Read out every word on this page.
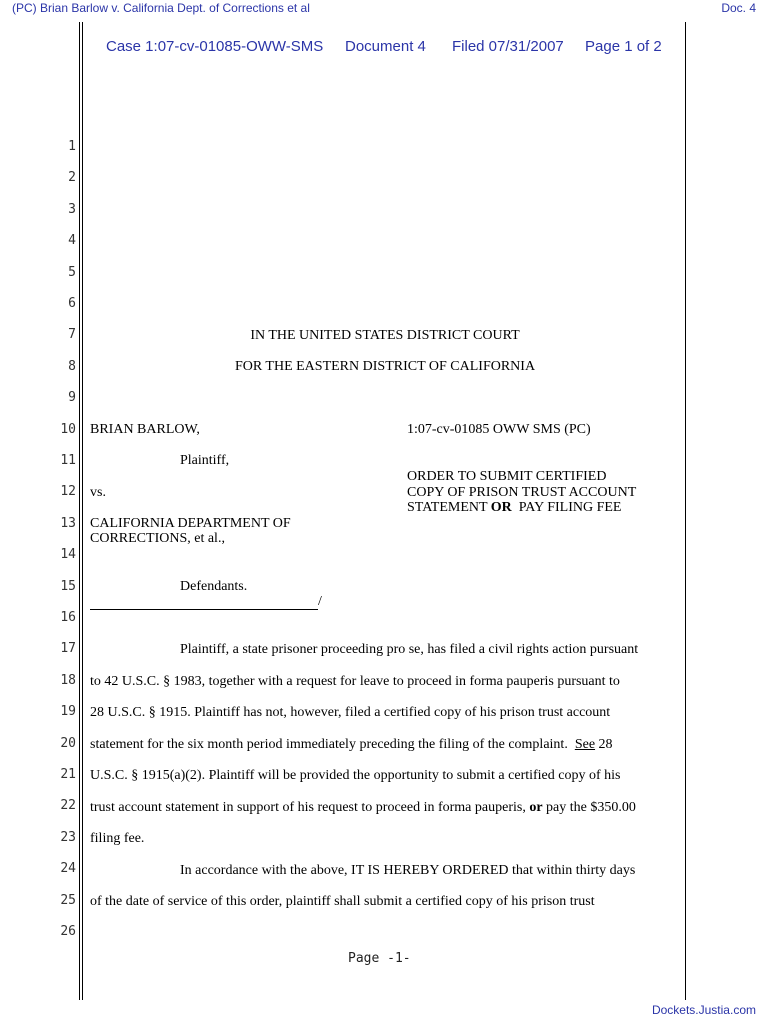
(PC) Brian Barlow v. California Dept. of Corrections et al	Doc. 4
Case 1:07-cv-01085-OWW-SMS Document 4 Filed 07/31/2007 Page 1 of 2
1
2
3
4
5
6
7
8
9
10
11
12
13
14
15
16
17
18
19
20
21
22
23
24
25
26
IN THE UNITED STATES DISTRICT COURT
FOR THE EASTERN DISTRICT OF CALIFORNIA
BRIAN BARLOW,
Plaintiff,
vs.
CALIFORNIA DEPARTMENT OF
CORRECTIONS, et al.,
Defendants.
/
1:07-cv-01085 OWW SMS (PC)
ORDER TO SUBMIT CERTIFIED
COPY OF PRISON TRUST ACCOUNT
STATEMENT OR  PAY FILING FEE
Plaintiff, a state prisoner proceeding pro se, has filed a civil rights action pursuant
to 42 U.S.C. § 1983, together with a request for leave to proceed in forma pauperis pursuant to
28 U.S.C. § 1915. Plaintiff has not, however, filed a certified copy of his prison trust account
statement for the six month period immediately preceding the filing of the complaint.  See 28
U.S.C. § 1915(a)(2). Plaintiff will be provided the opportunity to submit a certified copy of his
trust account statement in support of his request to proceed in forma pauperis, or pay the $350.00
filing fee.
In accordance with the above, IT IS HEREBY ORDERED that within thirty days
of the date of service of this order, plaintiff shall submit a certified copy of his prison trust
Page -1-
Dockets.Justia.com
